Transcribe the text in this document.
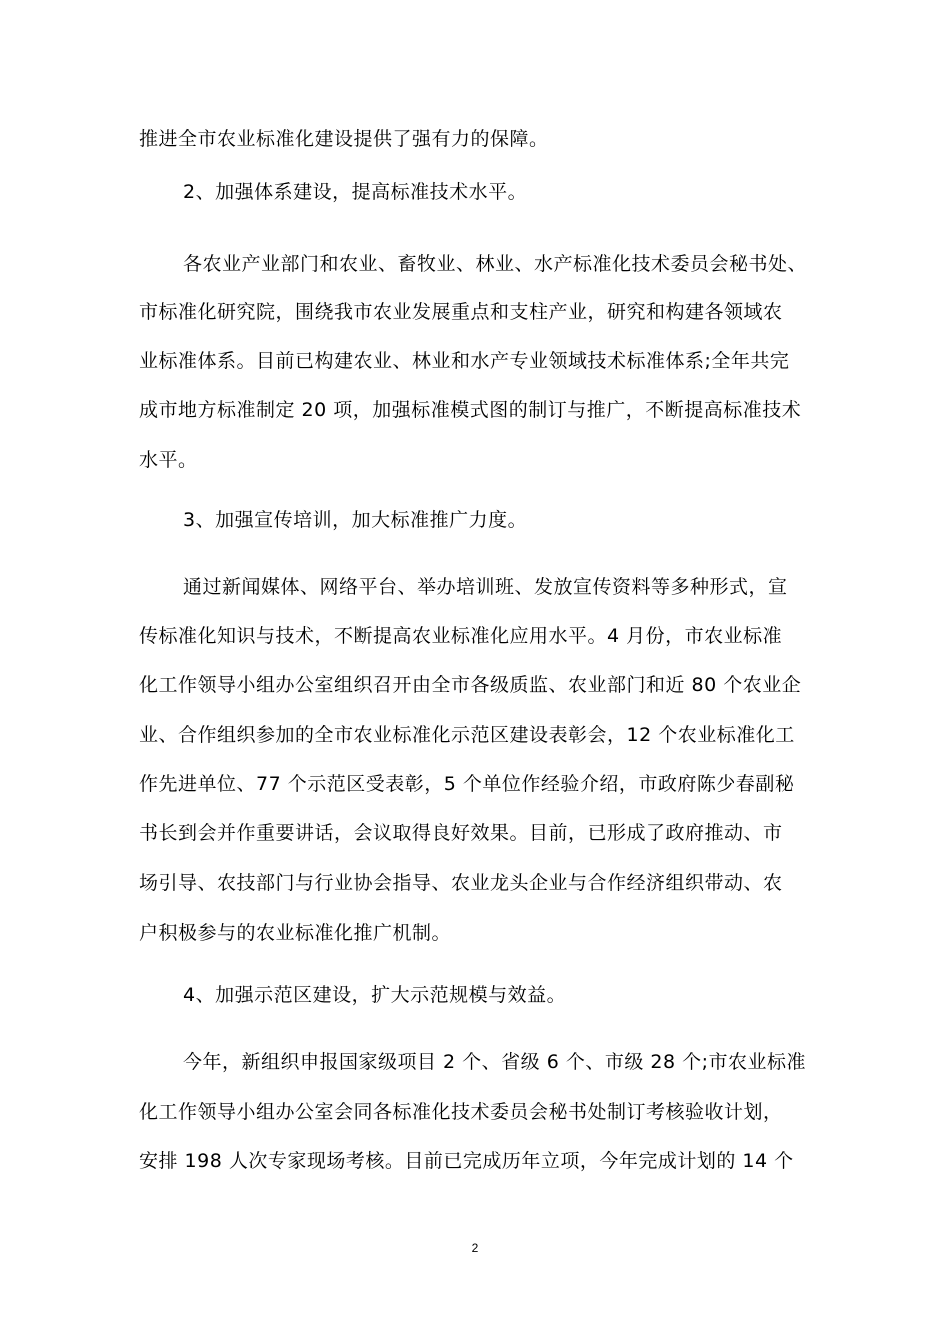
推进全市农业标准化建设提供了强有力的保障。
2、加强体系建设，提高标准技术水平。
各农业产业部门和农业、畜牧业、林业、水产标准化技术委员会秘书处、
市标准化研究院，围绕我市农业发展重点和支柱产业，研究和构建各领域农
业标准体系。目前已构建农业、林业和水产专业领域技术标准体系;全年共完
成市地方标准制定 20 项，加强标准模式图的制订与推广，不断提高标准技术
水平。
3、加强宣传培训，加大标准推广力度。
通过新闻媒体、网络平台、举办培训班、发放宣传资料等多种形式，宣
传标准化知识与技术，不断提高农业标准化应用水平。4 月份，市农业标准
化工作领导小组办公室组织召开由全市各级质监、农业部门和近 80 个农业企
业、合作组织参加的全市农业标准化示范区建设表彰会，12 个农业标准化工
作先进单位、77 个示范区受表彰，5 个单位作经验介绍，市政府陈少春副秘
书长到会并作重要讲话，会议取得良好效果。目前，已形成了政府推动、市
场引导、农技部门与行业协会指导、农业龙头企业与合作经济组织带动、农
户积极参与的农业标准化推广机制。
4、加强示范区建设，扩大示范规模与效益。
今年，新组织申报国家级项目 2 个、省级 6 个、市级 28 个;市农业标准
化工作领导小组办公室会同各标准化技术委员会秘书处制订考核验收计划，
安排 198 人次专家现场考核。目前已完成历年立项，今年完成计划的 14 个
2
